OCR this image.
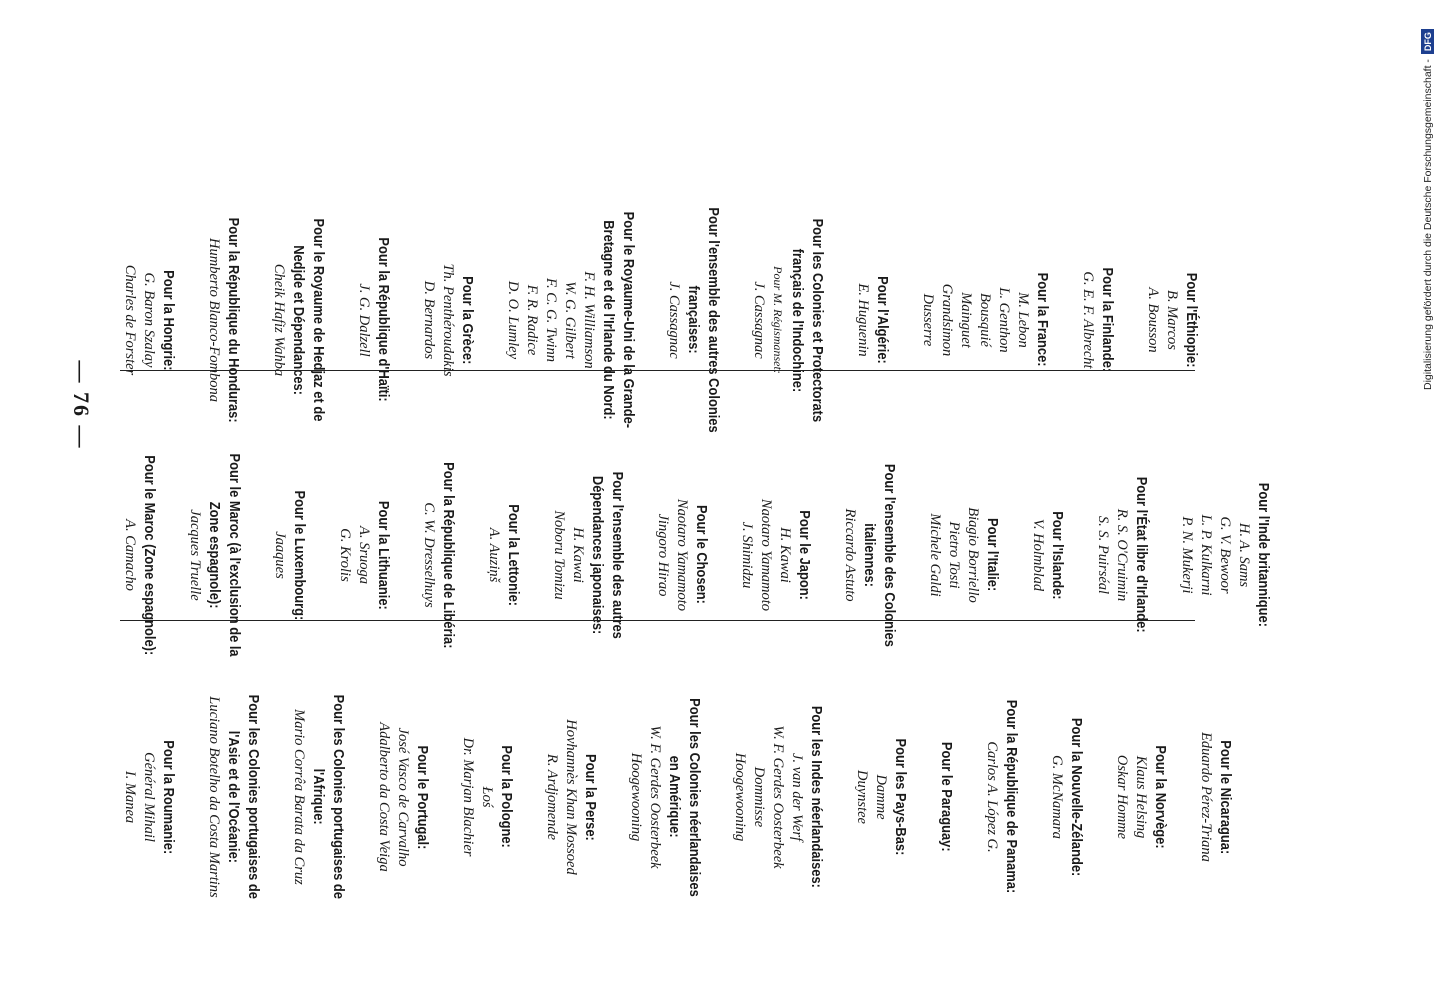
— 76 —
Pour l'Éthiopie:
B. Marcos
A. Bousson
Pour la Finlande:
G. E. F. Albrecht
Pour la France:
M. Lebon
L. Genthon
Bousquié
Mainguet
Grandsimon
Dusserre
Pour l'Algérie:
E. Huguenin
Pour les Colonies et Protectorats
français de l'Indochine:
Pour M. Régismanset:
J. Cassagnac
Pour l'ensemble des autres Colonies
françaises:
J. Cassagnac
Pour le Royaume-Uni de la Grande-
Bretagne et de l'Irlande du Nord:
F. H. Williamson
W. G. Gilbert
F. C. G. Twinn
F. R. Radice
D. O. Lumley
Pour la Grèce:
Th. Penthéroudakis
D. Bernardos
Pour la République d'Haïti:
J. G. Dalzell
Pour le Royaume de Hedjaz et de
Nedjde et Dépendances:
Cheik Hafiz Wahba
Pour la République du Honduras:
Humberto Blanco-Fombona
Pour la Hongrie:
G. Baron Szalay
Charles de Forster
Pour l'Inde britannique:
H. A. Sams
G. V. Bewoor
L. P. Kulkarni
P. N. Mukerji
Pour l'État libre d'Irlande:
R. S. O'Cruimin
S. S. Puirséal
Pour l'Islande:
V. Holmblad
Pour l'Italie:
Biagio Borriello
Pietro Tosti
Michele Galdi
Pour l'ensemble des Colonies
italiennes:
Riccardo Astuto
Pour le Japon:
H. Kawai
Naotaro Yamamoto
J. Shimidzu
Pour le Chosen:
Naotaro Yamamoto
Jingoro Hirao
Pour l'ensemble des autres
Dépendances japonaises:
H. Kawai
Noboru Tomizu
Pour la Lettonie:
A. Auziņš
Pour la République de Libéria:
C. W. Dresselhuys
Pour la Lithuanie:
A. Sruoga
G. Krolis
Pour le Luxembourg:
Jaaques
Pour le Maroc (à l'exclusion de la
Zone espagnole):
Jacques Truelle
Pour le Maroc (Zone espagnole):
A. Camacho
Pour le Nicaragua:
Eduardo Pérez-Triana
Pour la Norvège:
Klaus Helsing
Oskar Homme
Pour la Nouvelle-Zélande:
G. McNamara
Pour la République de Panama:
Carlos A. López G.
Pour le Paraguay:
Pour les Pays-Bas:
Damme
Duynstee
Pour les Indes néerlandaises:
J. van der Werf
W. F. Gerdes Oosterbeek
Dommisse
Hoogewooning
Pour les Colonies néerlandaises
en Amérique:
W. F. Gerdes Oosterbeek
Hoogewooning
Pour la Perse:
Hovhannès Khan Mossoed
R. Ardjomende
Pour la Pologne:
Łoś
Dr. Marjan Blachier
Pour le Portugal:
José Vasco de Carvalho
Adalberto da Costa Veiga
Pour les Colonies portugaises de
l'Afrique:
Mario Corrêa Barata da Cruz
Pour les Colonies portugaises de
l'Asie et de l'Océanie:
Luciano Botelho da Costa Martins
Pour la Roumanie:
Général Mihail
I. Manea
Digitalisierung gefördert durch die Deutsche Forschungsgemeinschaft -DFG
